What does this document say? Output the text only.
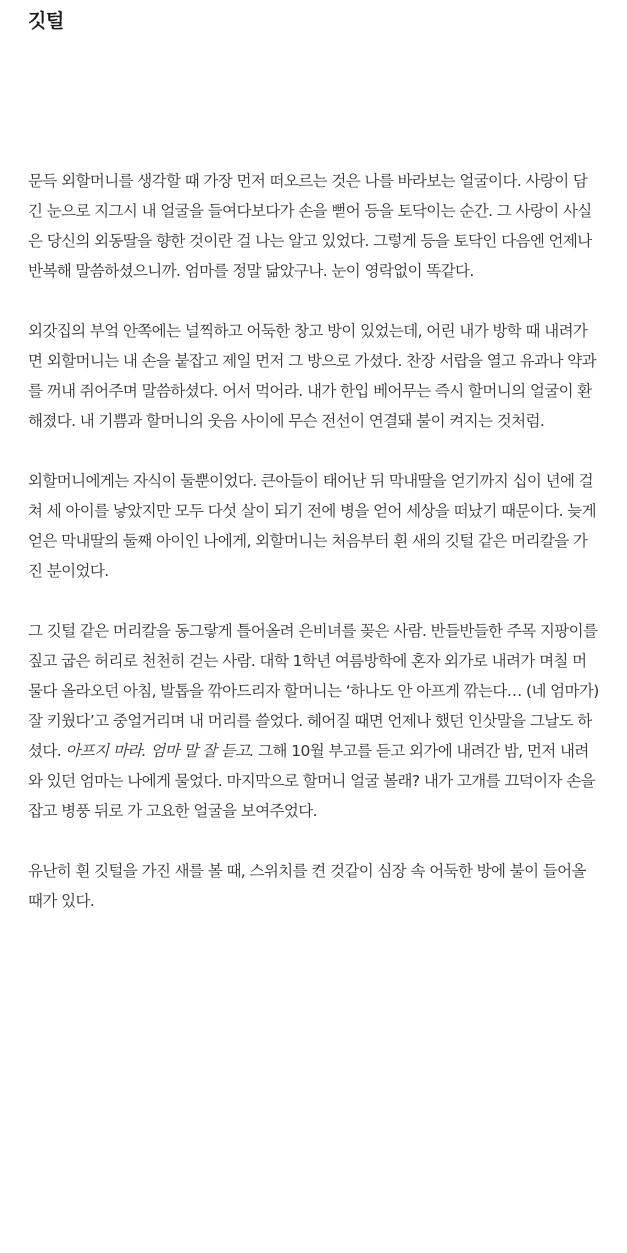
깃털

문득 외할머니를 생각할 때 가장 먼저 떠오르는 것은 나를 바라보는 얼굴이다. 사랑이 담긴 눈으로 지그시 내 얼굴을 들여다보다가 손을 뻗어 등을 토닥이는 순간. 그 사랑이 사실은 당신의 외동딸을 향한 것이란 걸 나는 알고 있었다. 그렇게 등을 토닥인 다음엔 언제나 반복해 말씀하셨으니까. 엄마를 정말 닮았구나. 눈이 영락없이 똑같다.

외갓집의 부엌 안쪽에는 널찍하고 어둑한 창고 방이 있었는데, 어린 내가 방학 때 내려가면 외할머니는 내 손을 붙잡고 제일 먼저 그 방으로 가셨다. 찬장 서랍을 열고 유과나 약과를 꺼내 쥐어주며 말씀하셨다. 어서 먹어라. 내가 한입 베어무는 즉시 할머니의 얼굴이 환해졌다. 내 기쁨과 할머니의 웃음 사이에 무슨 전선이 연결돼 불이 켜지는 것처럼.

외할머니에게는 자식이 둘뿐이었다. 큰아들이 태어난 뒤 막내딸을 얻기까지 십이 년에 걸쳐 세 아이를 낳았지만 모두 다섯 살이 되기 전에 병을 얻어 세상을 떠났기 때문이다. 늦게 얻은 막내딸의 둘째 아이인 나에게, 외할머니는 처음부터 흰 새의 깃털 같은 머리칼을 가진 분이었다.

그 깃털 같은 머리칼을 동그랗게 틀어올려 은비녀를 꽂은 사람. 반들반들한 주목 지팡이를 짚고 굽은 허리로 천천히 걷는 사람. 대학 1학년 여름방학에 혼자 외가로 내려가 며칠 머물다 올라오던 아침, 발톱을 깎아드리자 할머니는 ‘하나도 안 아프게 깎는다… (네 엄마가) 잘 키웠다’고 중얼거리며 내 머리를 쓸었다. 헤어질 때면 언제나 했던 인삿말을 그날도 하셨다. 아프지 마라. 엄마 말 잘 듣고. 그해 10월 부고를 듣고 외가에 내려간 밤, 먼저 내려와 있던 엄마는 나에게 물었다. 마지막으로 할머니 얼굴 볼래? 내가 고개를 끄덕이자 손을 잡고 병풍 뒤로 가 고요한 얼굴을 보여주었다.

유난히 흰 깃털을 가진 새를 볼 때, 스위치를 켠 것같이 심장 속 어둑한 방에 불이 들어올 때가 있다.
